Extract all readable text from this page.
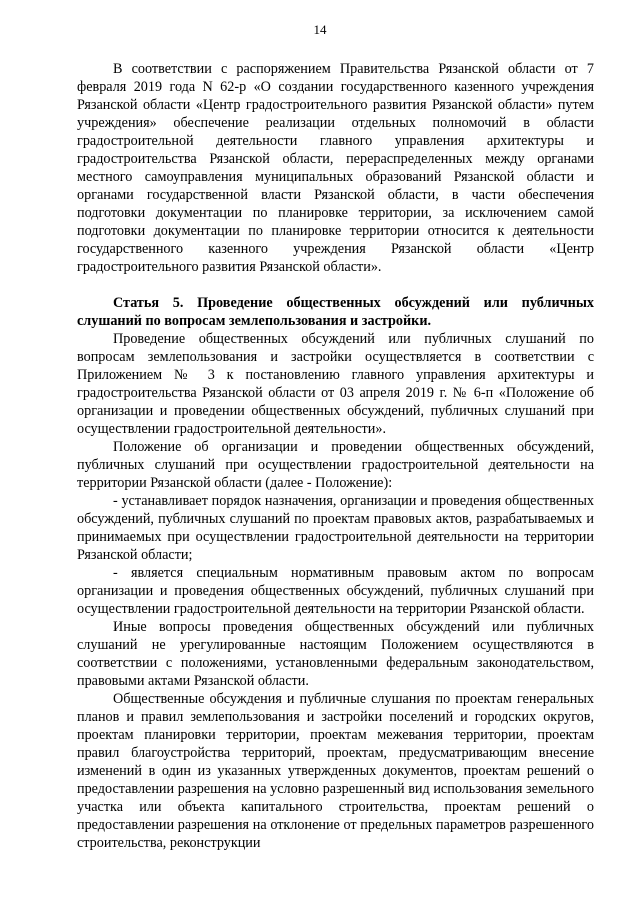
14

В соответствии с распоряжением Правительства Рязанской области от 7 февраля 2019 года N 62-р «О создании государственного казенного учреждения Рязанской области «Центр градостроительного развития Рязанской области» путем учреждения» обеспечение реализации отдельных полномочий в области градостроительной деятельности главного управления архитектуры и градостроительства Рязанской области, перераспределенных между органами местного самоуправления муниципальных образований Рязанской области и органами государственной власти Рязанской области, в части обеспечения подготовки документации по планировке территории, за исключением самой подготовки документации по планировке территории относится к деятельности государственного казенного учреждения Рязанской области «Центр градостроительного развития Рязанской области».

Статья 5. Проведение общественных обсуждений или публичных слушаний по вопросам землепользования и застройки.

Проведение общественных обсуждений или публичных слушаний по вопросам землепользования и застройки осуществляется в соответствии с Приложением № 3 к постановлению главного управления архитектуры и градостроительства Рязанской области от 03 апреля 2019 г. № 6-п «Положение об организации и проведении общественных обсуждений, публичных слушаний при осуществлении градостроительной деятельности».

Положение об организации и проведении общественных обсуждений, публичных слушаний при осуществлении градостроительной деятельности на территории Рязанской области (далее - Положение):

- устанавливает порядок назначения, организации и проведения общественных обсуждений, публичных слушаний по проектам правовых актов, разрабатываемых и принимаемых при осуществлении градостроительной деятельности на территории Рязанской области;

- является специальным нормативным правовым актом по вопросам организации и проведения общественных обсуждений, публичных слушаний при осуществлении градостроительной деятельности на территории Рязанской области.

Иные вопросы проведения общественных обсуждений или публичных слушаний не урегулированные настоящим Положением осуществляются в соответствии с положениями, установленными федеральным законодательством, правовыми актами Рязанской области.

Общественные обсуждения и публичные слушания по проектам генеральных планов и правил землепользования и застройки поселений и городских округов, проектам планировки территории, проектам межевания территории, проектам правил благоустройства территорий, проектам, предусматривающим внесение изменений в один из указанных утвержденных документов, проектам решений о предоставлении разрешения на условно разрешенный вид использования земельного участка или объекта капитального строительства, проектам решений о предоставлении разрешения на отклонение от предельных параметров разрешенного строительства, реконструкции
